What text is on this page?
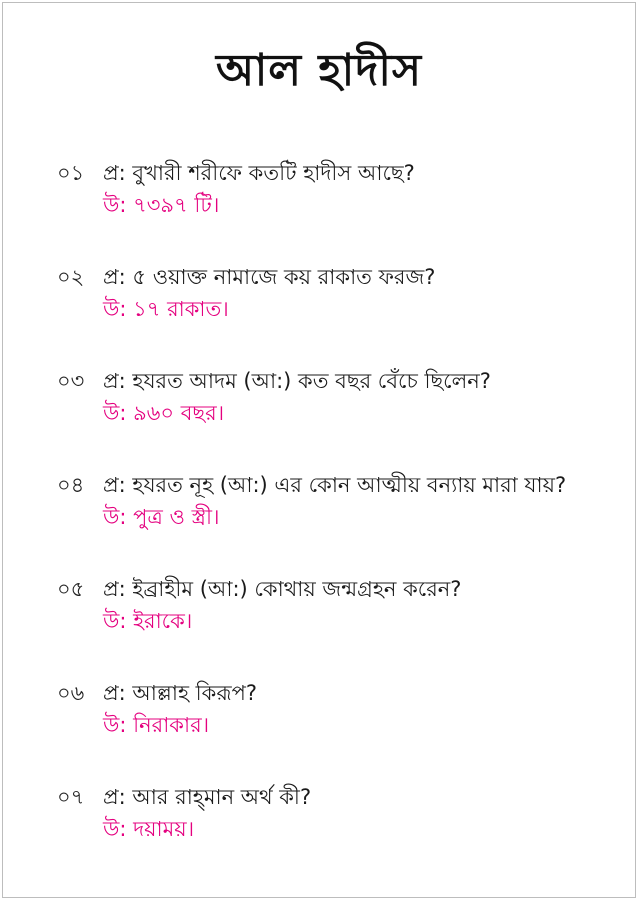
আল হাদীস
০১ প্র: বুখারী শরীফে কতটি হাদীস আছে?
উ: ৭৩৯৭ টি।
০২ প্র: ৫ ওয়াক্ত নামাজে কয় রাকাত ফরজ?
উ: ১৭ রাকাত।
০৩ প্র: হযরত আদম (আ:) কত বছর বেঁচে ছিলেন?
উ: ৯৬০ বছর।
০৪ প্র: হযরত নূহ (আ:) এর কোন আত্মীয় বন্যায় মারা যায়?
উ: পুত্র ও স্ত্রী।
০৫ প্র: ইব্রাহীম (আ:) কোথায় জন্মগ্রহন করেন?
উ: ইরাকে।
০৬ প্র: আল্লাহ কিরূপ?
উ: নিরাকার।
০৭ প্র: আর রাহ্‌মান অর্থ কী?
উ: দয়াময়।
